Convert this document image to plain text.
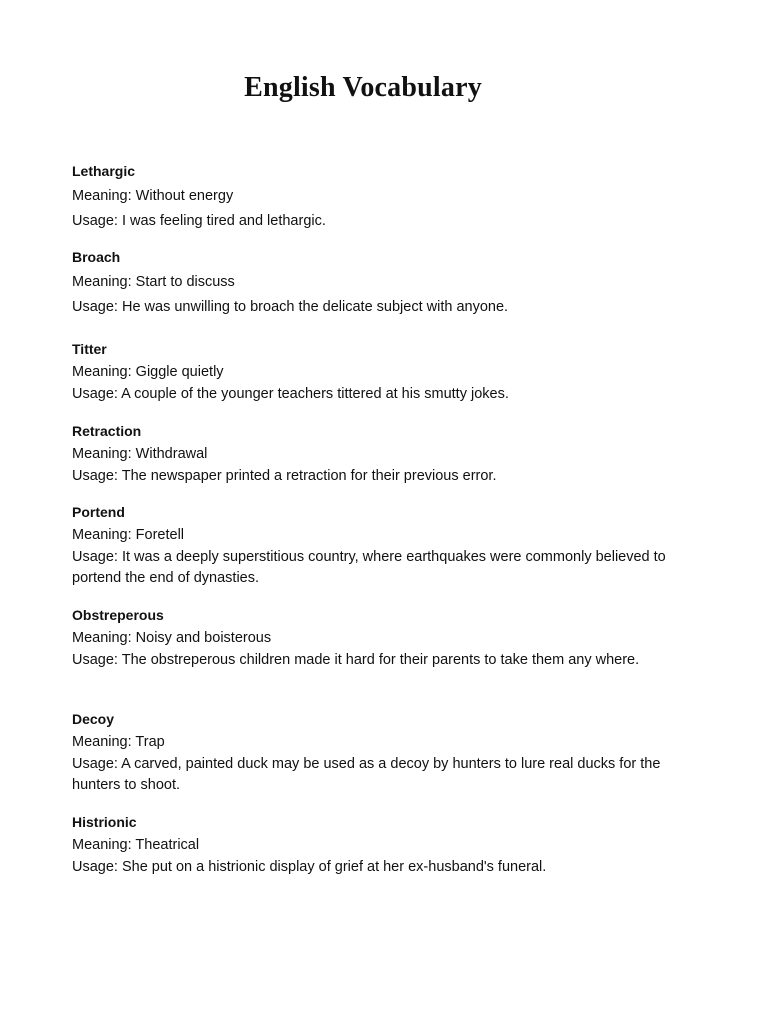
English Vocabulary
Lethargic
Meaning: Without energy
Usage: I was feeling tired and lethargic.
Broach
Meaning: Start to discuss
Usage: He was unwilling to broach the delicate subject with anyone.
Titter
Meaning: Giggle quietly
Usage: A couple of the younger teachers tittered at his smutty jokes.
Retraction
Meaning: Withdrawal
Usage: The newspaper printed a retraction for their previous error.
Portend
Meaning: Foretell
Usage: It was a deeply superstitious country, where earthquakes were commonly believed to portend the end of dynasties.
Obstreperous
Meaning: Noisy and boisterous
Usage: The obstreperous children made it hard for their parents to take them any where.
Decoy
Meaning: Trap
Usage: A carved, painted duck may be used as a decoy by hunters to lure real ducks for the hunters to shoot.
Histrionic
Meaning: Theatrical
Usage: She put on a histrionic display of grief at her ex-husband's funeral.
